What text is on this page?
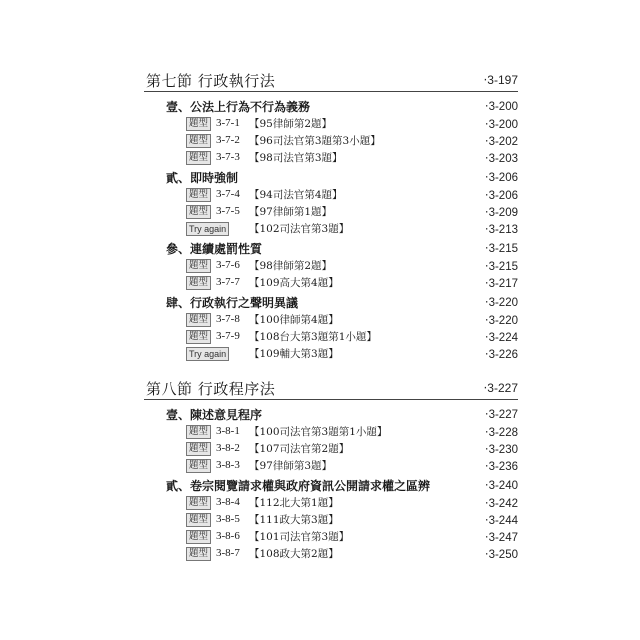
第七節 行政執行法	‧3-197
壹、公法上行為不行為義務	‧3-200
題型 3-7-1 【95律師第2題】	‧3-200
題型 3-7-2 【96司法官第3題第3小題】	‧3-202
題型 3-7-3 【98司法官第3題】	‧3-203
貳、即時強制	‧3-206
題型 3-7-4 【94司法官第4題】	‧3-206
題型 3-7-5 【97律師第1題】	‧3-209
Try again 【102司法官第3題】	‧3-213
參、連續處罰性質	‧3-215
題型 3-7-6 【98律師第2題】	‧3-215
題型 3-7-7 【109高大第4題】	‧3-217
肆、行政執行之聲明異議	‧3-220
題型 3-7-8 【100律師第4題】	‧3-220
題型 3-7-9 【108台大第3題第1小題】	‧3-224
Try again 【109輔大第3題】	‧3-226
第八節 行政程序法	‧3-227
壹、陳述意見程序	‧3-227
題型 3-8-1 【100司法官第3題第1小題】	‧3-228
題型 3-8-2 【107司法官第2題】	‧3-230
題型 3-8-3 【97律師第3題】	‧3-236
貳、卷宗閱覽請求權與政府資訊公開請求權之區辨	‧3-240
題型 3-8-4 【112北大第1題】	‧3-242
題型 3-8-5 【111政大第3題】	‧3-244
題型 3-8-6 【101司法官第3題】	‧3-247
題型 3-8-7 【108政大第2題】	‧3-250
